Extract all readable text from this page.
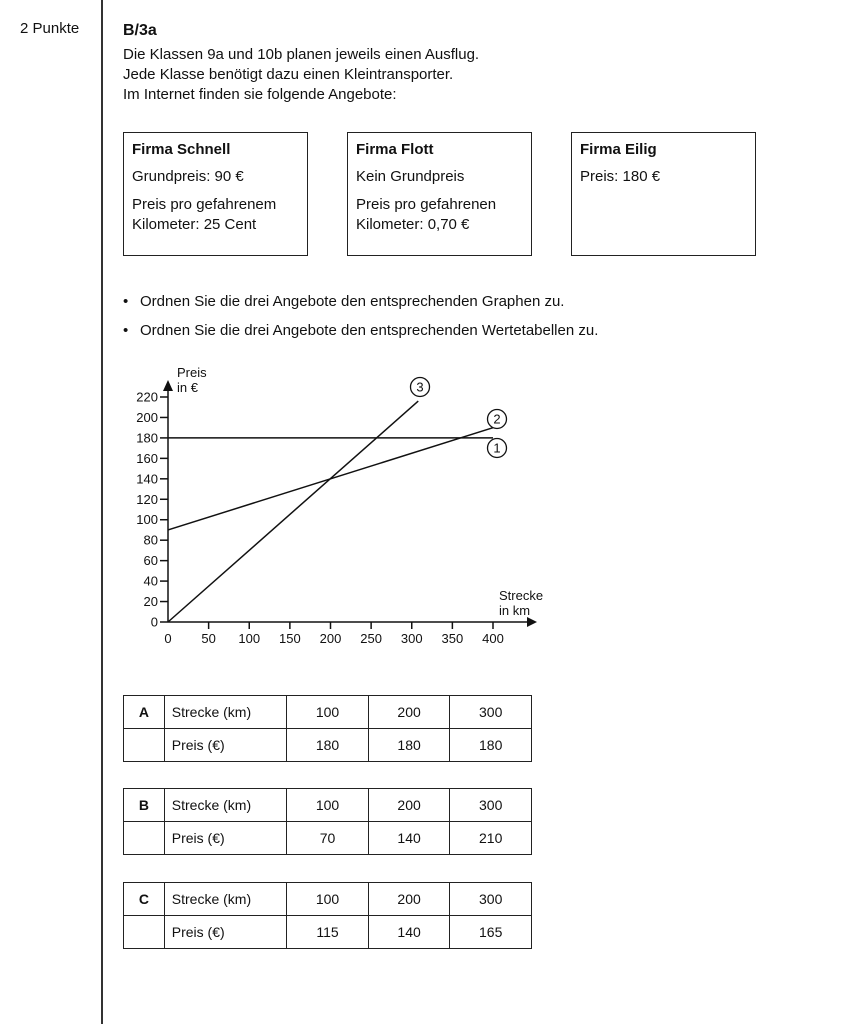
2 Punkte	B/3a
Die Klassen 9a und 10b planen jeweils einen Ausflug.
Jede Klasse benötigt dazu einen Kleintransporter.
Im Internet finden sie folgende Angebote:
Firma Schnell
Grundpreis: 90 €
Preis pro gefahrenem
Kilometer: 25 Cent
Firma Flott
Kein Grundpreis
Preis pro gefahrenen
Kilometer: 0,70 €
Firma Eilig
Preis: 180 €
• Ordnen Sie die drei Angebote den entsprechenden Graphen zu.
• Ordnen Sie die drei Angebote den entsprechenden Wertetabellen zu.
0
20
40
60
80
100
120
140
160
180
200
220
0 50 100 150 200 250 300 350 400
Preis
in €
Strecke
in km
1
2
3
A	Strecke (km)	100	200	300
	Preis (€)	180	180	180
B	Strecke (km)	100	200	300
	Preis (€)	70	140	210
C	Strecke (km)	100	200	300
	Preis (€)	115	140	165
